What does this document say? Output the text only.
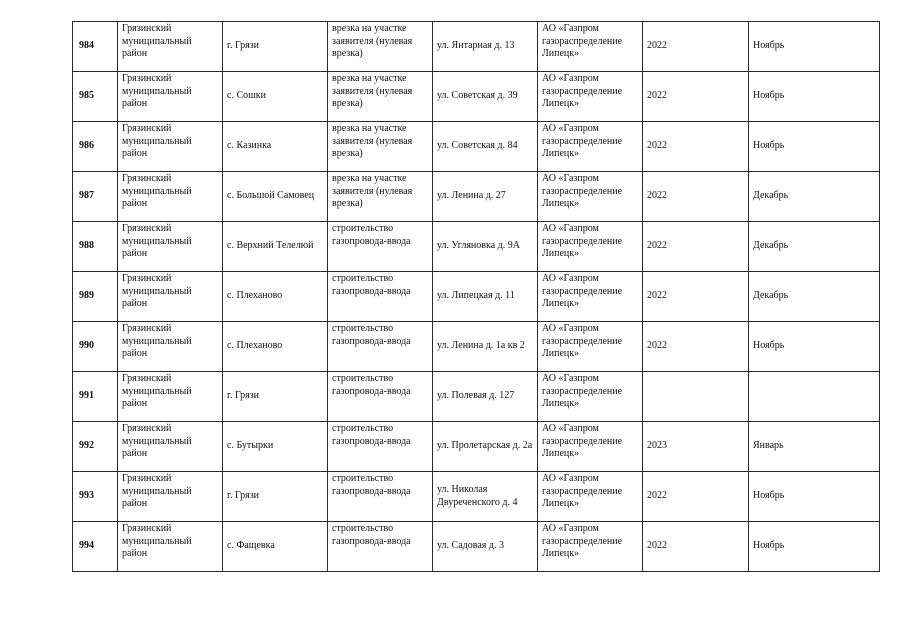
984	Грязинский муниципальный район	г. Грязи	врезка на участке заявителя (нулевая врезка)	ул. Янтарная д. 13	АО «Газпром газораспределение Липецк»	2022	Ноябрь
985	Грязинский муниципальный район	с. Сошки	врезка на участке заявителя (нулевая врезка)	ул. Советская д. 39	АО «Газпром газораспределение Липецк»	2022	Ноябрь
986	Грязинский муниципальный район	с. Казинка	врезка на участке заявителя (нулевая врезка)	ул. Советская д. 84	АО «Газпром газораспределение Липецк»	2022	Ноябрь
987	Грязинский муниципальный район	с. Большой Самовец	врезка на участке заявителя (нулевая врезка)	ул. Ленина д. 27	АО «Газпром газораспределение Липецк»	2022	Декабрь
988	Грязинский муниципальный район	с. Верхний Телелюй	строительство газопровода-ввода	ул. Угляновка д. 9А	АО «Газпром газораспределение Липецк»	2022	Декабрь
989	Грязинский муниципальный район	с. Плеханово	строительство газопровода-ввода	ул. Липецкая д. 11	АО «Газпром газораспределение Липецк»	2022	Декабрь
990	Грязинский муниципальный район	с. Плеханово	строительство газопровода-ввода	ул. Ленина д. 1а кв 2	АО «Газпром газораспределение Липецк»	2022	Ноябрь
991	Грязинский муниципальный район	г. Грязи	строительство газопровода-ввода	ул. Полевая д. 127	АО «Газпром газораспределение Липецк»		
992	Грязинский муниципальный район	с. Бутырки	строительство газопровода-ввода	ул. Пролетарская д. 2а	АО «Газпром газораспределение Липецк»	2023	Январь
993	Грязинский муниципальный район	г. Грязи	строительство газопровода-ввода	ул. Николая Двуреченского д. 4	АО «Газпром газораспределение Липецк»	2022	Ноябрь
994	Грязинский муниципальный район	с. Фащевка	строительство газопровода-ввода	ул. Садовая д. 3	АО «Газпром газораспределение Липецк»	2022	Ноябрь
